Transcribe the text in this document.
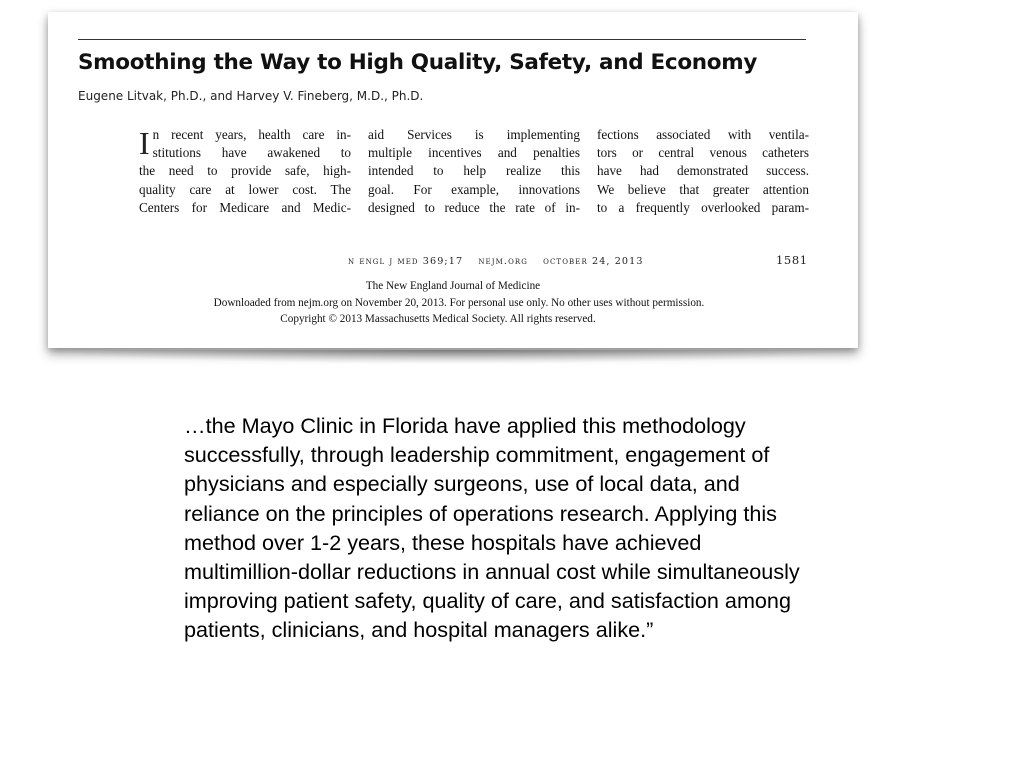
Smoothing the Way to High Quality, Safety, and Economy
Eugene Litvak, Ph.D., and Harvey V. Fineberg, M.D., Ph.D.
I n recent years, health care in-
stitutions have awakened to
the need to provide safe, high-
quality care at lower cost. The
Centers for Medicare and Medic-
aid Services is implementing
multiple incentives and penalties
intended to help realize this
goal. For example, innovations
designed to reduce the rate of in-
fections associated with ventila-
tors or central venous catheters
have had demonstrated success.
We believe that greater attention
to a frequently overlooked param-
n engl j med 369;17 nejm.org october 24, 2013	1581
The New England Journal of Medicine
Downloaded from nejm.org on November 20, 2013. For personal use only. No other uses without permission.
Copyright © 2013 Massachusetts Medical Society. All rights reserved.
…the Mayo Clinic in Florida have applied this methodology
successfully, through leadership commitment, engagement of
physicians and especially surgeons, use of local data, and
reliance on the principles of operations research. Applying this
method over 1-2 years, these hospitals have achieved
multimillion-dollar reductions in annual cost while simultaneously
improving patient safety, quality of care, and satisfaction among
patients, clinicians, and hospital managers alike.”
